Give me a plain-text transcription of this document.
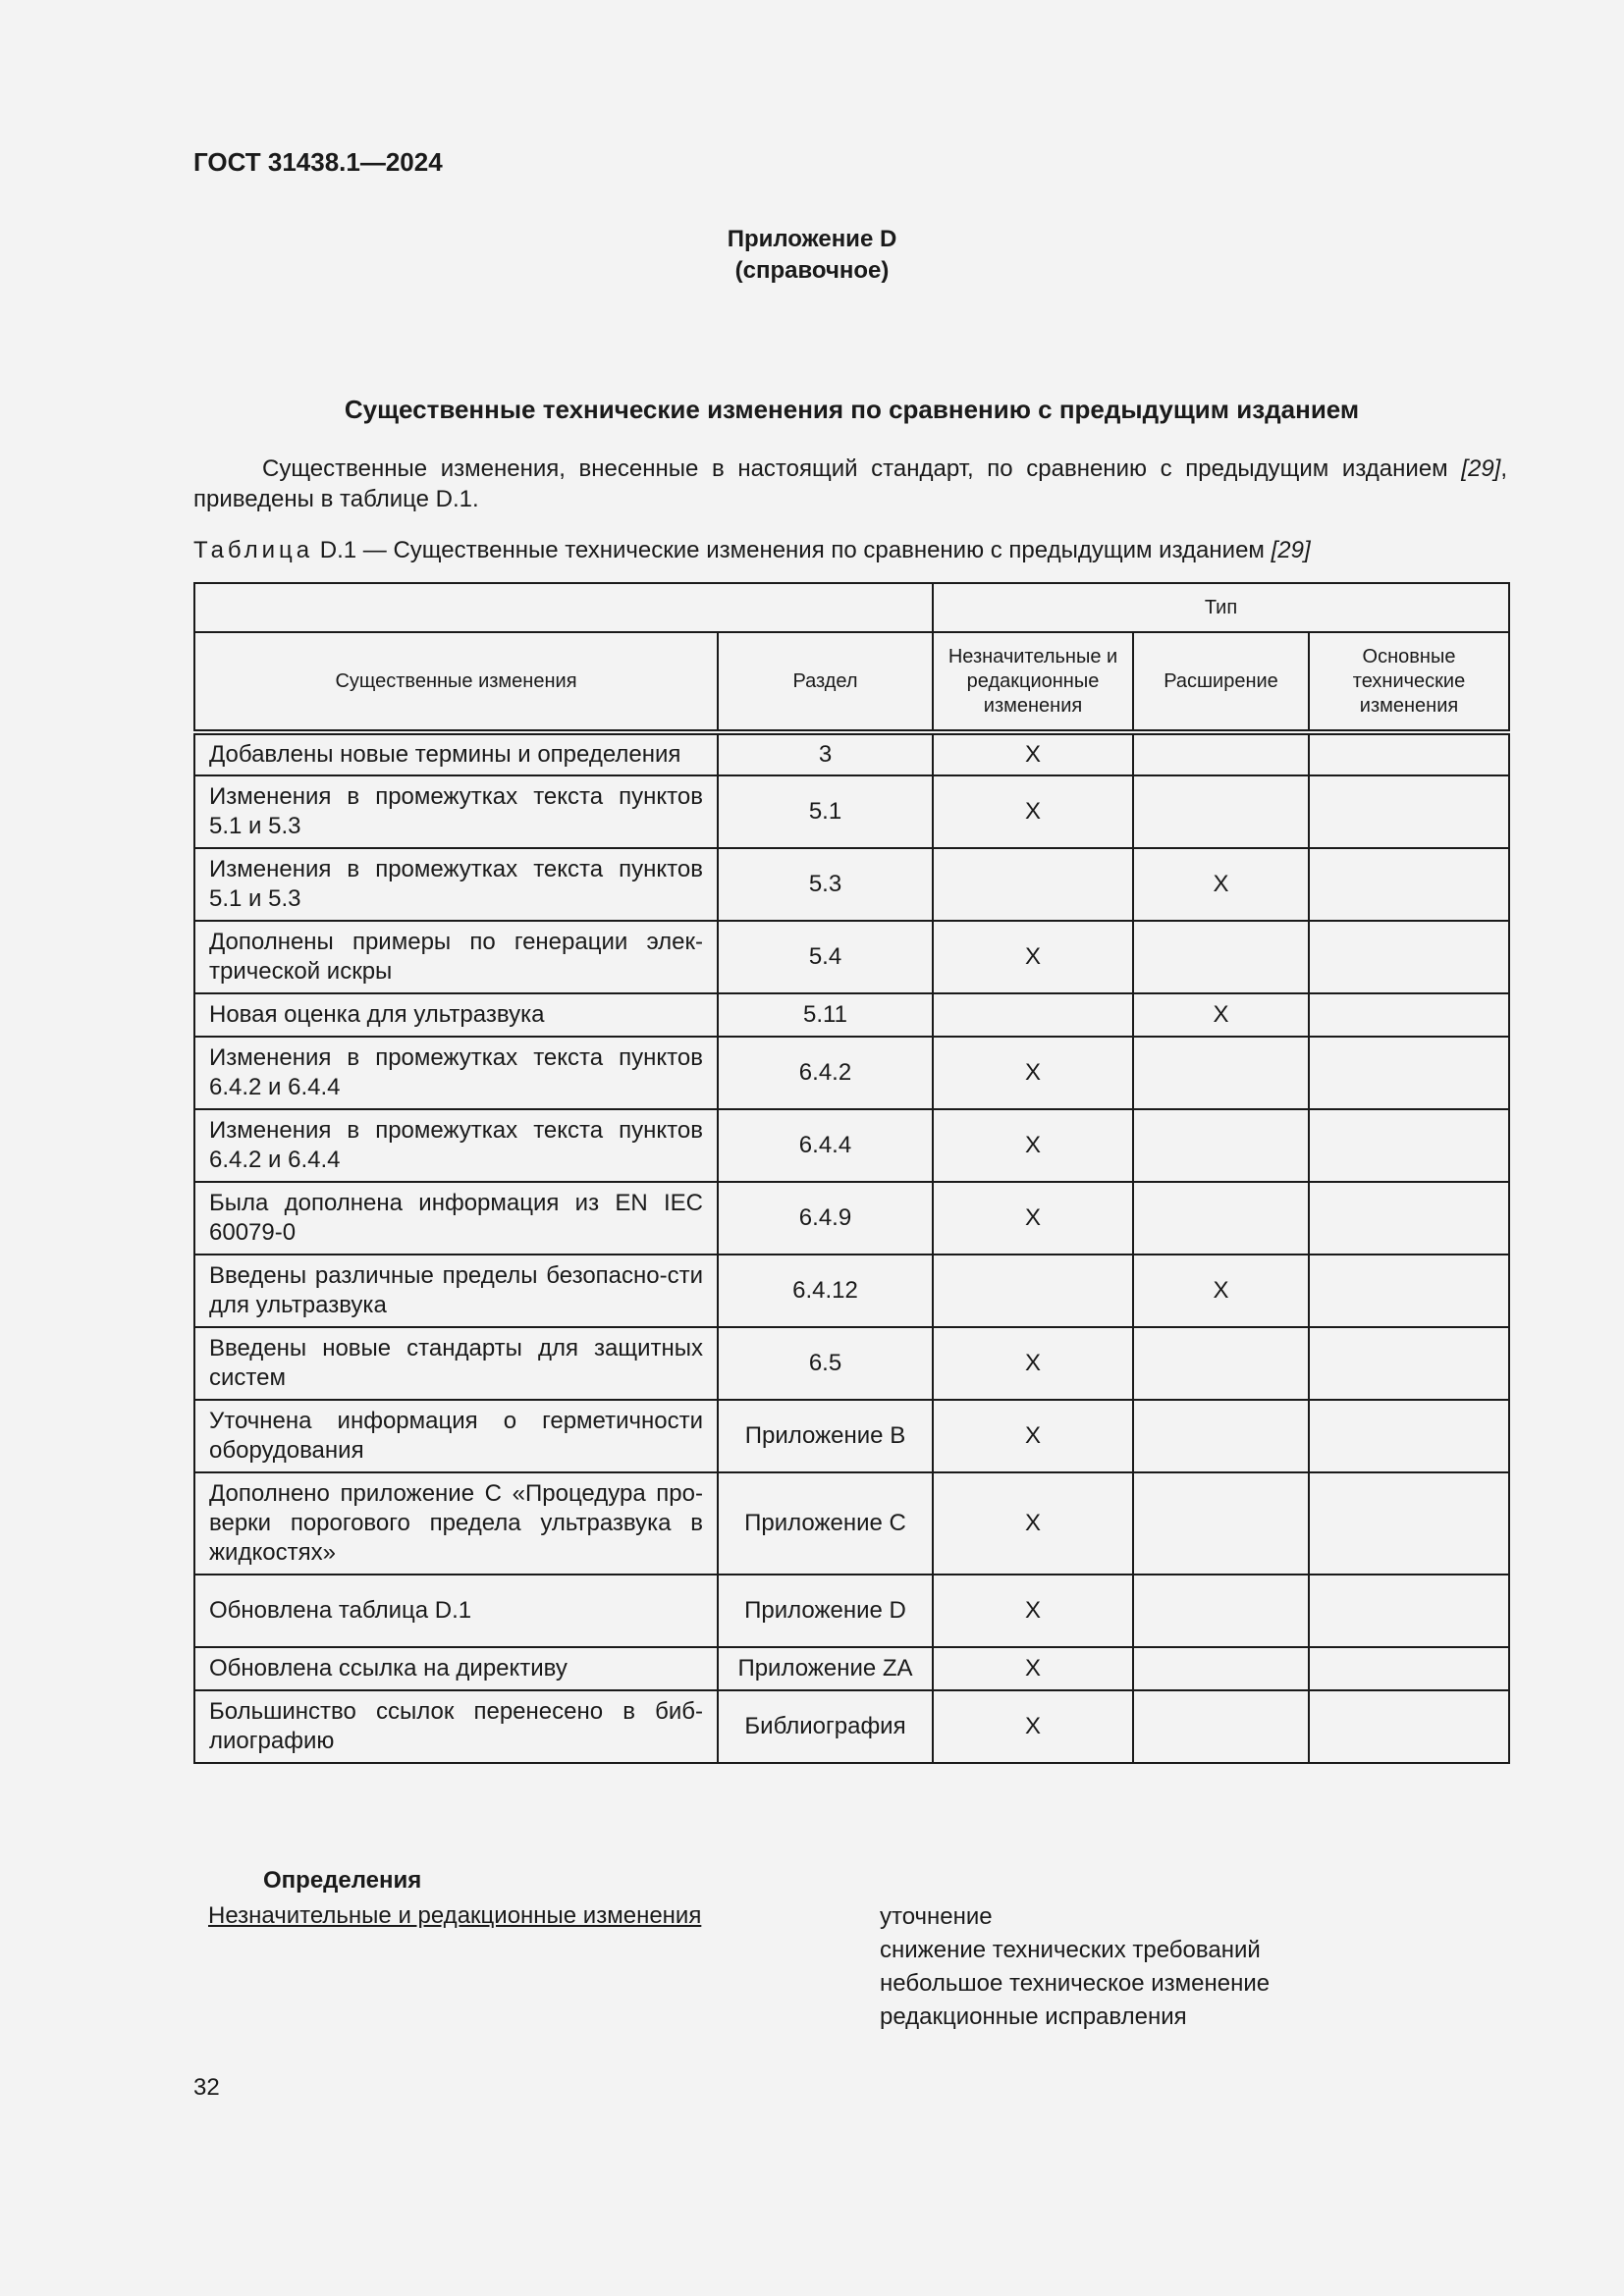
ГОСТ 31438.1—2024
Приложение D
(справочное)
Существенные технические изменения по сравнению с предыдущим изданием
Существенные изменения, внесенные в настоящий стандарт, по сравнению с предыдущим изданием [29], приведены в таблице D.1.
Таблица D.1 — Существенные технические изменения по сравнению с предыдущим изданием [29]
		Тип		
Существенные изменения	Раздел	Незначительные и редакционные изменения	Расширение	Основные технические изменения
Добавлены новые термины и определения	3	X		
Изменения в промежутках текста пунктов 5.1 и 5.3	5.1	X		
Изменения в промежутках текста пунктов 5.1 и 5.3	5.3		X	
Дополнены примеры по генерации элек-трической искры	5.4	X		
Новая оценка для ультразвука	5.11		X	
Изменения в промежутках текста пунктов 6.4.2 и 6.4.4	6.4.2	X		
Изменения в промежутках текста пунктов 6.4.2 и 6.4.4	6.4.4	X		
Была дополнена информация из EN IEC 60079-0	6.4.9	X		
Введены различные пределы безопасно-сти для ультразвука	6.4.12		X	
Введены новые стандарты для защитных систем	6.5	X		
Уточнена информация о герметичности оборудования	Приложение B	X		
Дополнено приложение C «Процедура про-верки порогового предела ультразвука в жидкостях»	Приложение C	X		
Обновлена таблица D.1	Приложение D	X		
Обновлена ссылка на директиву	Приложение ZA	X		
Большинство ссылок перенесено в биб-лиографию	Библиография	X		
Определения
Незначительные и редакционные изменения	уточнение
снижение технических требований
небольшое техническое изменение
редакционные исправления
32
